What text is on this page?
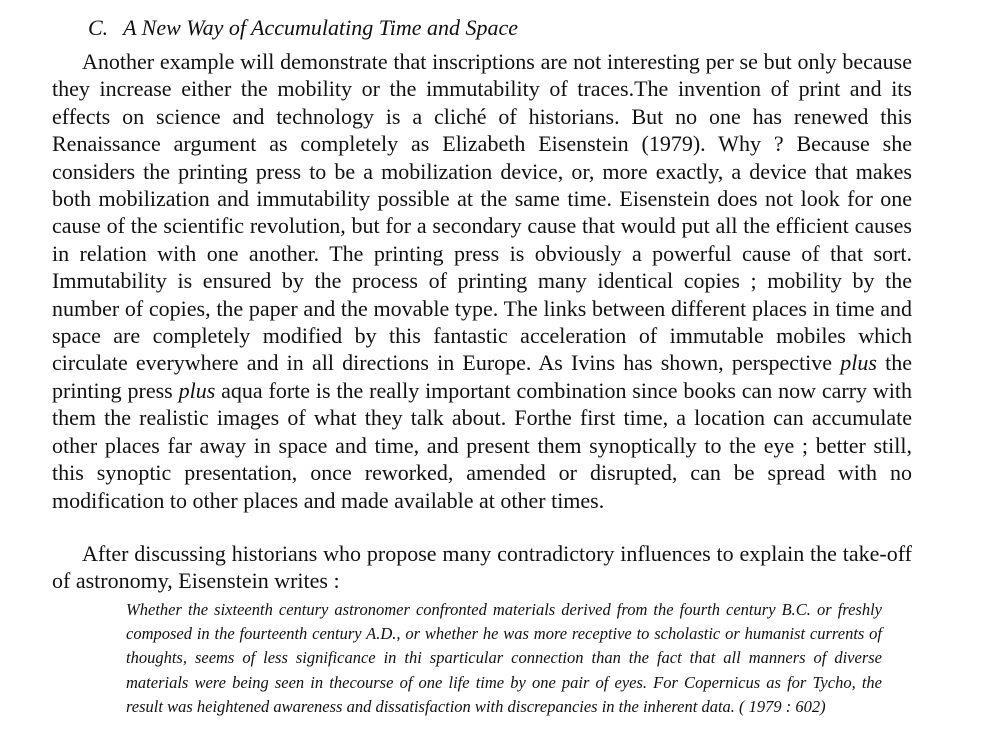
C. A New Way of Accumulating Time and Space

Another example will demonstrate that inscriptions are not interesting per se but only because they increase either the mobility or the immutability of traces.The invention of print and its effects on science and technology is a cliché of historians. But no one has renewed this Renaissance argument as completely as Elizabeth Eisenstein (1979). Why ? Because she considers the printing press to be a mobilization device, or, more exactly, a device that makes both mobilization and immutability possible at the same time. Eisenstein does not look for one cause of the scientific revolution, but for a secondary cause that would put all the efficient causes in relation with one another. The printing press is obviously a powerful cause of that sort. Immutability is ensured by the process of printing many identical copies ; mobility by the number of copies, the paper and the movable type. The links between different places in time and space are completely modified by this fantastic acceleration of immutable mobiles which circulate everywhere and in all directions in Europe. As Ivins has shown, perspective plus the printing press plus aqua forte is the really important combination since books can now carry with them the realistic images of what they talk about. Forthe first time, a location can accumulate other places far away in space and time, and present them synoptically to the eye ; better still, this synoptic presentation, once reworked, amended or disrupted, can be spread with no modification to other places and made available at other times.

After discussing historians who propose many contradictory influences to explain the take-off of astronomy, Eisenstein writes :

Whether the sixteenth century astronomer confronted materials derived from the fourth century B.C. or freshly composed in the fourteenth century A.D., or whether he was more receptive to scholastic or humanist currents of thoughts, seems of less significance in thi sparticular connection than the fact that all manners of diverse materials were being seen in thecourse of one life time by one pair of eyes. For Copernicus as for Tycho, the result was heightened awareness and dissatisfaction with discrepancies in the inherent data. ( 1979 : 602)
